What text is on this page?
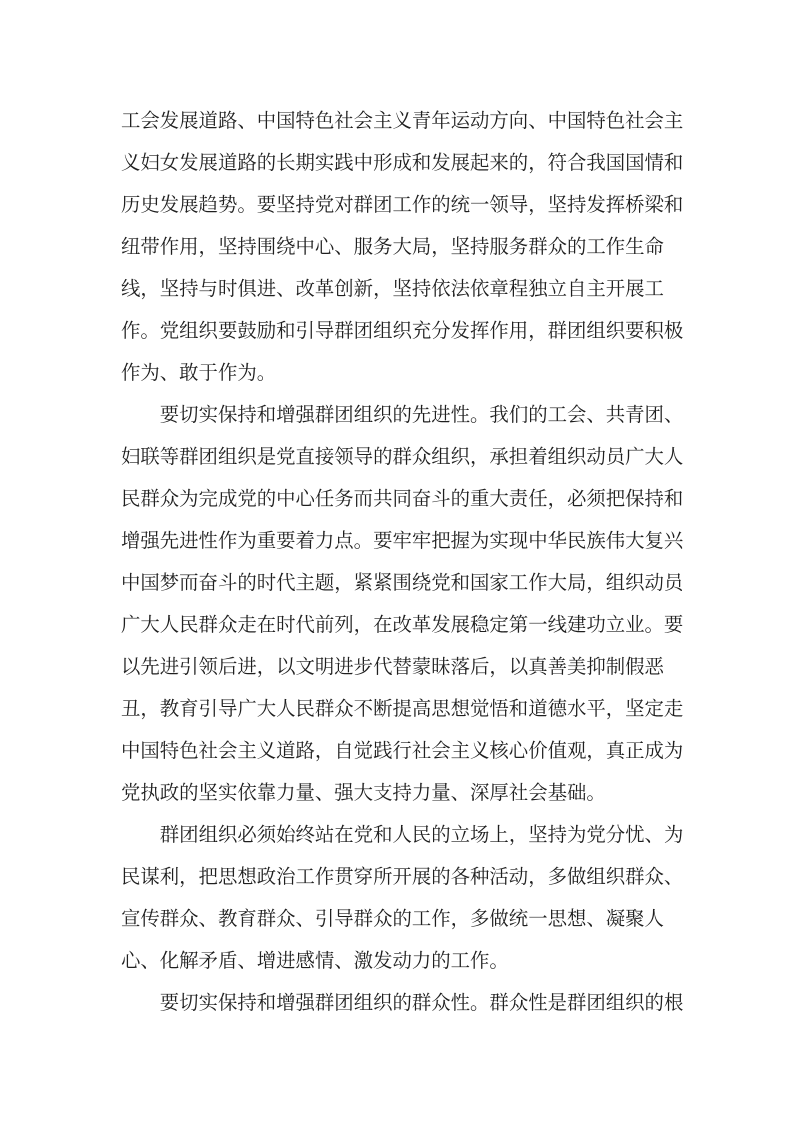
工会发展道路、中国特色社会主义青年运动方向、中国特色社会主
义妇女发展道路的长期实践中形成和发展起来的，符合我国国情和
历史发展趋势。要坚持党对群团工作的统一领导，坚持发挥桥梁和
纽带作用，坚持围绕中心、服务大局，坚持服务群众的工作生命
线，坚持与时俱进、改革创新，坚持依法依章程独立自主开展工
作。党组织要鼓励和引导群团组织充分发挥作用，群团组织要积极
作为、敢于作为。
要切实保持和增强群团组织的先进性。我们的工会、共青团、
妇联等群团组织是党直接领导的群众组织，承担着组织动员广大人
民群众为完成党的中心任务而共同奋斗的重大责任，必须把保持和
增强先进性作为重要着力点。要牢牢把握为实现中华民族伟大复兴
中国梦而奋斗的时代主题，紧紧围绕党和国家工作大局，组织动员
广大人民群众走在时代前列，在改革发展稳定第一线建功立业。要
以先进引领后进，以文明进步代替蒙昧落后，以真善美抑制假恶
丑，教育引导广大人民群众不断提高思想觉悟和道德水平，坚定走
中国特色社会主义道路，自觉践行社会主义核心价值观，真正成为
党执政的坚实依靠力量、强大支持力量、深厚社会基础。
群团组织必须始终站在党和人民的立场上，坚持为党分忧、为
民谋利，把思想政治工作贯穿所开展的各种活动，多做组织群众、
宣传群众、教育群众、引导群众的工作，多做统一思想、凝聚人
心、化解矛盾、增进感情、激发动力的工作。
要切实保持和增强群团组织的群众性。群众性是群团组织的根
